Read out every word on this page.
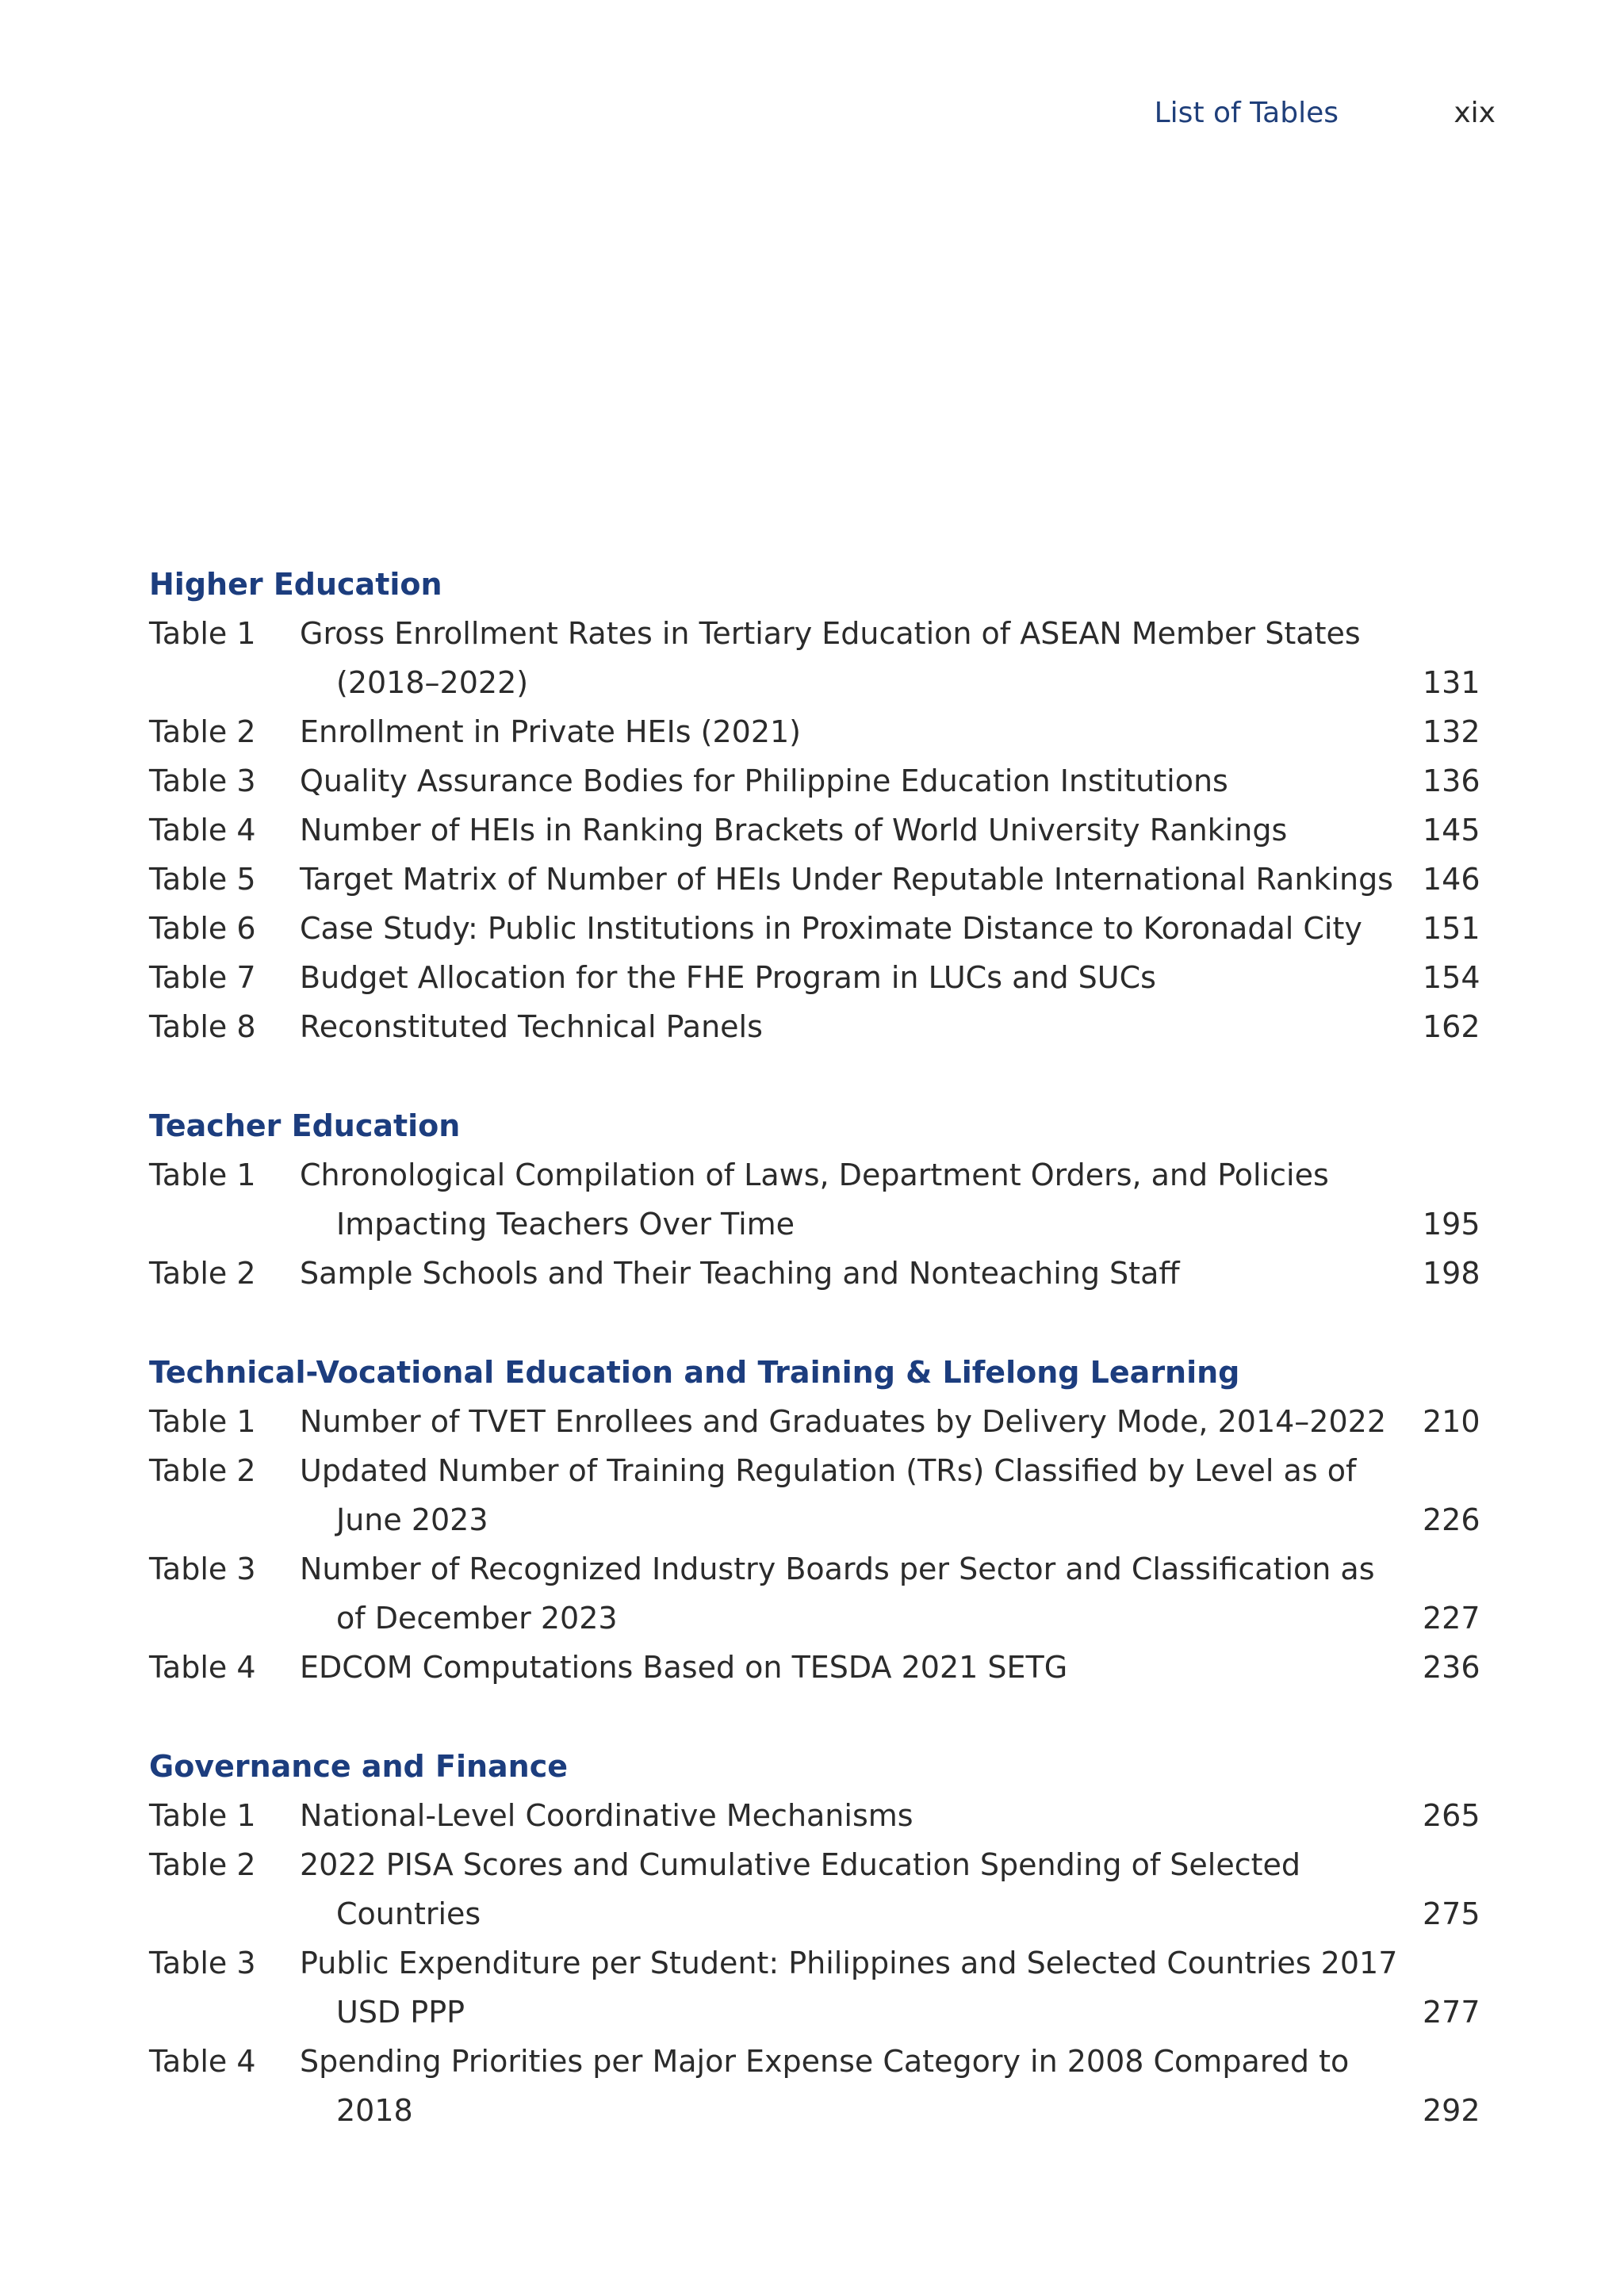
List of Tables	xix
Higher Education
Table 1 Gross Enrollment Rates in Tertiary Education of ASEAN Member States
(2018–2022)	131
Table 2 Enrollment in Private HEIs (2021)	132
Table 3 Quality Assurance Bodies for Philippine Education Institutions	136
Table 4 Number of HEIs in Ranking Brackets of World University Rankings	145
Table 5 Target Matrix of Number of HEIs Under Reputable International Rankings 146
Table 6 Case Study: Public Institutions in Proximate Distance to Koronadal City 151
Table 7 Budget Allocation for the FHE Program in LUCs and SUCs	154
Table 8 Reconstituted Technical Panels	162
Teacher Education
Table 1 Chronological Compilation of Laws, Department Orders, and Policies
Impacting Teachers Over Time	195
Table 2 Sample Schools and Their Teaching and Nonteaching Staff	198
Technical-Vocational Education and Training & Lifelong Learning
Table 1 Number of TVET Enrollees and Graduates by Delivery Mode, 2014–2022 210
Table 2 Updated Number of Training Regulation (TRs) Classified by Level as of
June 2023	226
Table 3 Number of Recognized Industry Boards per Sector and Classification as
of December 2023	227
Table 4 EDCOM Computations Based on TESDA 2021 SETG	236
Governance and Finance
Table 1 National-Level Coordinative Mechanisms	265
Table 2 2022 PISA Scores and Cumulative Education Spending of Selected
Countries	275
Table 3 Public Expenditure per Student: Philippines and Selected Countries 2017
USD PPP	277
Table 4 Spending Priorities per Major Expense Category in 2008 Compared to
2018	292
